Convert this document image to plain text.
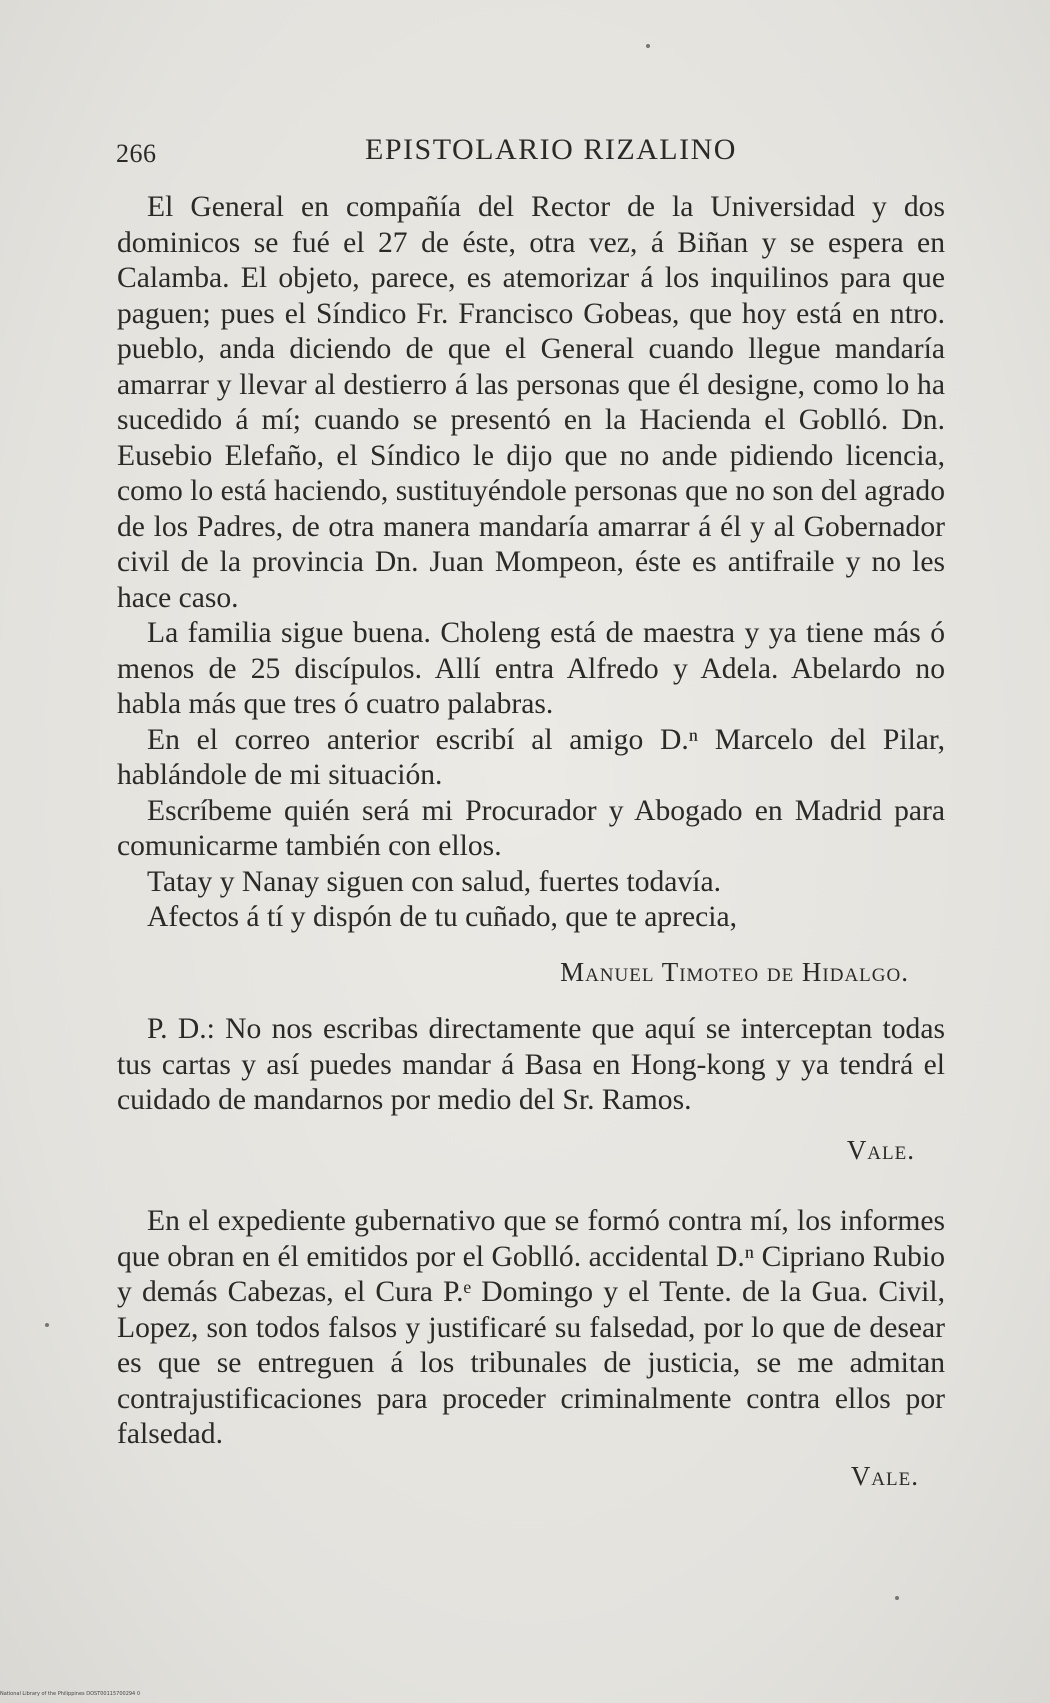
266	EPISTOLARIO RIZALINO

El General en compañía del Rector de la Universidad y dos dominicos se fué el 27 de éste, otra vez, á Biñan y se espera en Calamba. El objeto, parece, es atemorizar á los inquilinos para que paguen; pues el Síndico Fr. Francisco Gobeas, que hoy está en ntro. pueblo, anda diciendo de que el General cuando llegue mandaría amarrar y llevar al destierro á las personas que él designe, como lo ha sucedido á mí; cuando se presentó en la Hacienda el Goblló. Dn. Eusebio Elefaño, el Síndico le dijo que no ande pidiendo licencia, como lo está haciendo, sustituyéndole personas que no son del agrado de los Padres, de otra manera mandaría amarrar á él y al Gobernador civil de la provincia Dn. Juan Mompeon, éste es antifraile y no les hace caso.

La familia sigue buena. Choleng está de maestra y ya tiene más ó menos de 25 discípulos. Allí entra Alfredo y Adela. Abelardo no habla más que tres ó cuatro palabras.

En el correo anterior escribí al amigo D.ⁿ Marcelo del Pilar, hablándole de mi situación.

Escríbeme quién será mi Procurador y Abogado en Madrid para comunicarme también con ellos.

Tatay y Nanay siguen con salud, fuertes todavía.

Afectos á tí y dispón de tu cuñado, que te aprecia,

Manuel Timoteo de Hidalgo.

P. D.: No nos escribas directamente que aquí se interceptan todas tus cartas y así puedes mandar á Basa en Hong-kong y ya tendrá el cuidado de mandarnos por medio del Sr. Ramos.

Vale.

En el expediente gubernativo que se formó contra mí, los informes que obran en él emitidos por el Goblló. accidental D.ⁿ Cipriano Rubio y demás Cabezas, el Cura P.ᵉ Domingo y el Tente. de la Gua. Civil, Lopez, son todos falsos y justificaré su falsedad, por lo que de desear es que se entreguen á los tribunales de justicia, se me admitan contrajustificaciones para proceder criminalmente contra ellos por falsedad.

Vale.

National Library of the Philippines DOST00115700294 0
